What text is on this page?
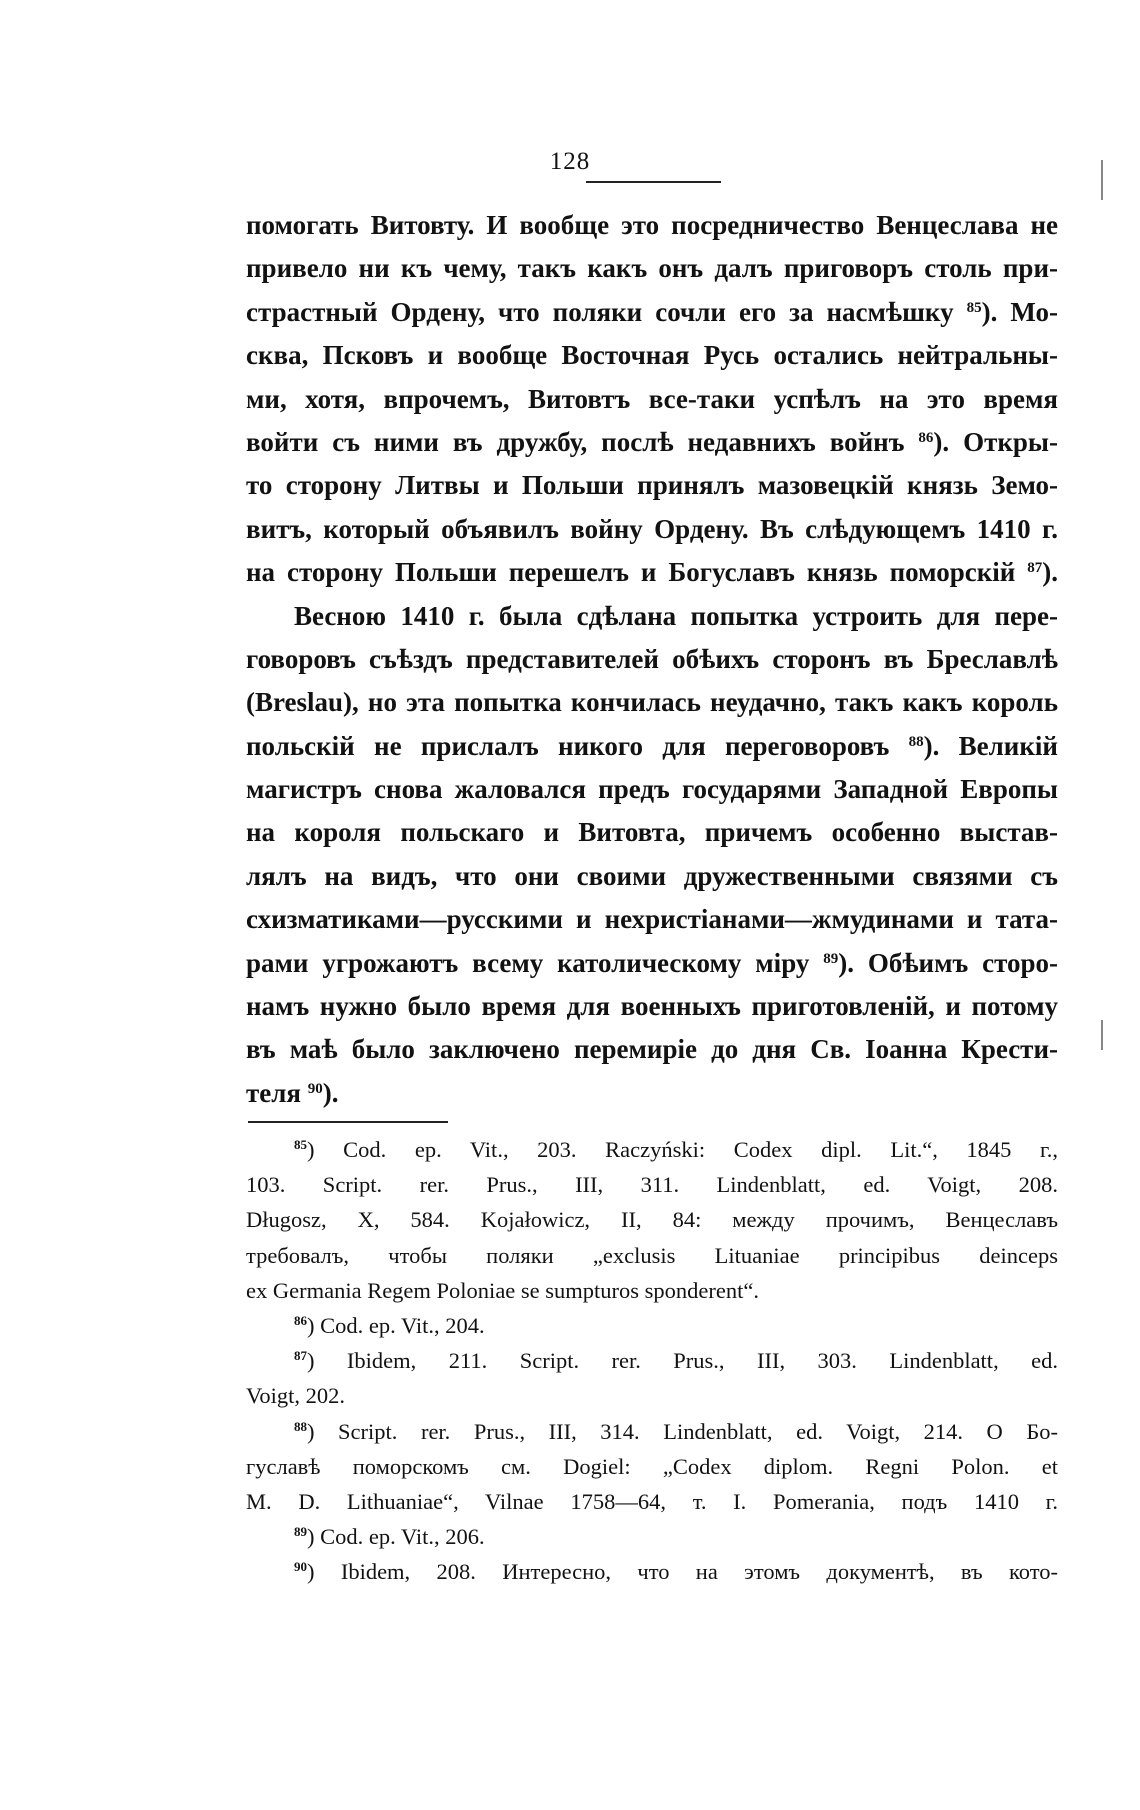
128
помогать Витовту. И вообще это посредничество Венцеслава не
привело ни къ чему, такъ какъ онъ далъ приговоръ столь при-
страстный Ордену, что поляки сочли его за насмѣшку $^{85}$). Мо-
сква, Псковъ и вообще Восточная Русь остались нейтральны-
ми, хотя, впрочемъ, Витовтъ все-таки успѣлъ на это время
войти съ ними въ дружбу, послѣ недавнихъ войнъ $^{86}$). Откры-
то сторону Литвы и Польши принялъ мазовецкій князь Земо-
витъ, который объявилъ войну Ордену. Въ слѣдующемъ 1410 г.
на сторону Польши перешелъ и Богуславъ князь поморскій $^{87}$).
Весною 1410 г. была сдѣлана попытка устроить для пере-
говоровъ съѣздъ представителей обѣихъ сторонъ въ Бреславлѣ
(Breslau), но эта попытка кончилась неудачно, такъ какъ король
польскій не прислалъ никого для переговоровъ $^{88}$). Великій
магистръ снова жаловался предъ государями Западной Европы
на короля польскаго и Витовта, причемъ особенно выстав-
лялъ на видъ, что они своими дружественными связями съ
схизматиками—русскими и нехристіанами—жмудинами и тата-
рами угрожаютъ всему католическому міру $^{89}$). Обѣимъ сторо-
намъ нужно было время для военныхъ приготовленій, и потому
въ маѣ было заключено перемиріе до дня Св. Іоанна Крести-
теля $^{90}$).
$^{85}$) Cod. ep. Vit., 203. Raczyński: Codex dipl. Lit.“, 1845 г.,
103. Script. rer. Prus., III, 311. Lindenblatt, ed. Voigt, 208.
Długosz, X, 584. Kojałowicz, II, 84: между прочимъ, Венцеславъ
требовалъ, чтобы поляки „exclusis Lituaniae principibus deinceps
ex Germania Regem Poloniae se sumpturos sponderent“.
$^{86}$) Cod. ep. Vit., 204.
$^{87}$) Ibidem, 211. Script. rer. Prus., III, 303. Lindenblatt, ed.
Voigt, 202.
$^{88}$) Script. rer. Prus., III, 314. Lindenblatt, ed. Voigt, 214. O Бо-
гуславѣ поморскомъ см. Dogiel: „Codex diplom. Regni Polon. et
M. D. Lithuaniae“, Vilnae 1758—64, т. I. Pomerania, подъ 1410 г.
$^{89}$) Cod. ep. Vit., 206.
$^{90}$) Ibidem, 208. Интересно, что на этомъ документѣ, въ кото-
